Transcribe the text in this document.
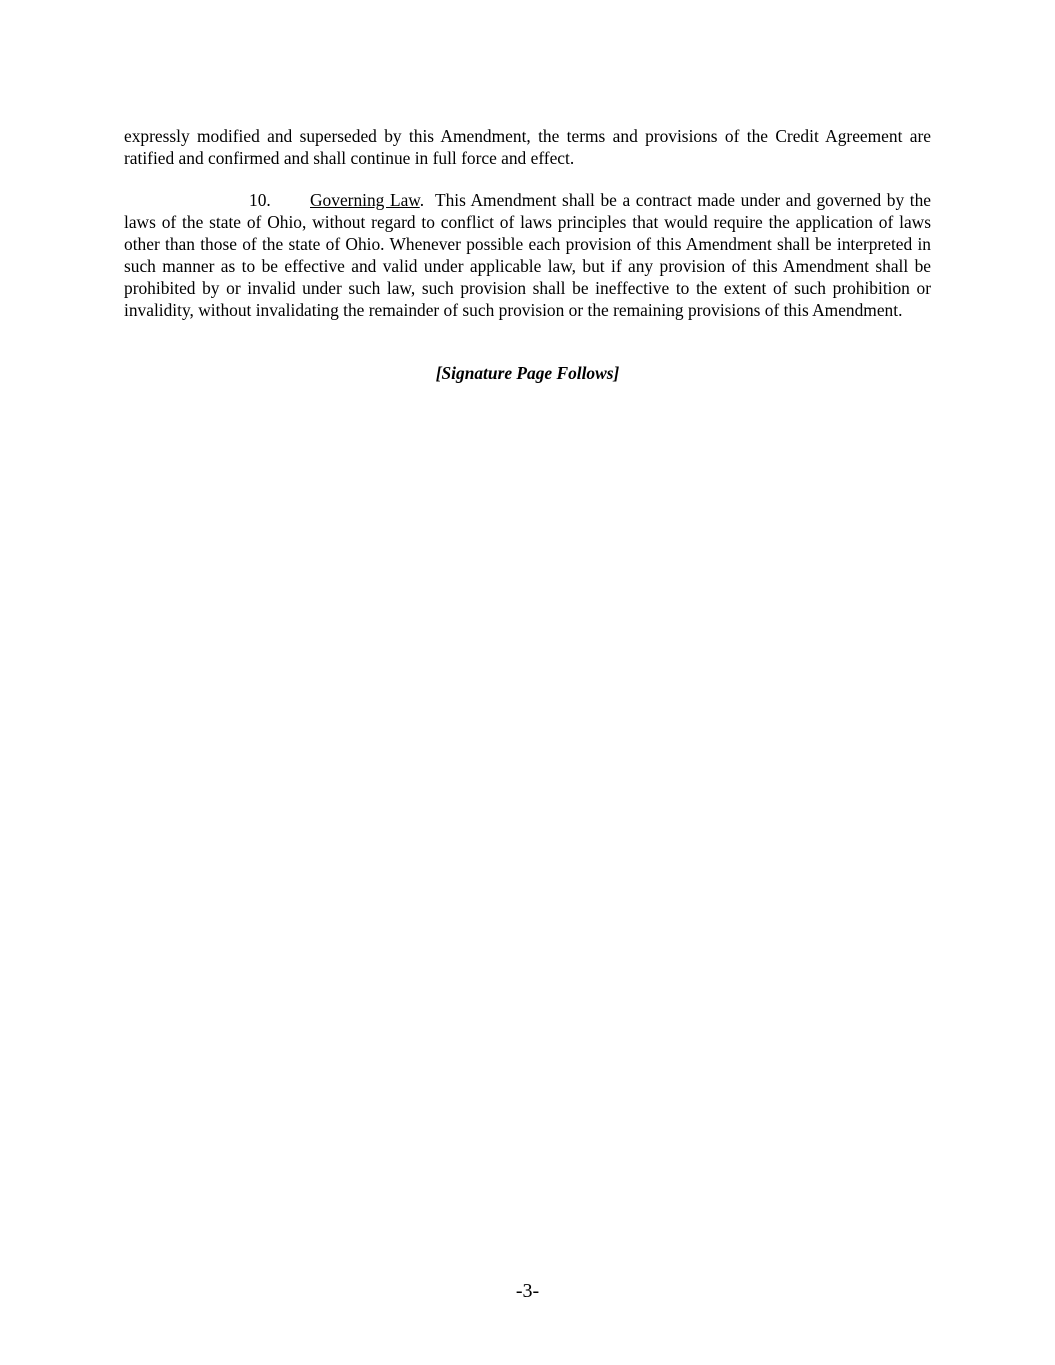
expressly modified and superseded by this Amendment, the terms and provisions of the Credit Agreement are ratified and confirmed and shall continue in full force and effect.

10. Governing Law. This Amendment shall be a contract made under and governed by the laws of the state of Ohio, without regard to conflict of laws principles that would require the application of laws other than those of the state of Ohio. Whenever possible each provision of this Amendment shall be interpreted in such manner as to be effective and valid under applicable law, but if any provision of this Amendment shall be prohibited by or invalid under such law, such provision shall be ineffective to the extent of such prohibition or invalidity, without invalidating the remainder of such provision or the remaining provisions of this Amendment.

[Signature Page Follows]

-3-
